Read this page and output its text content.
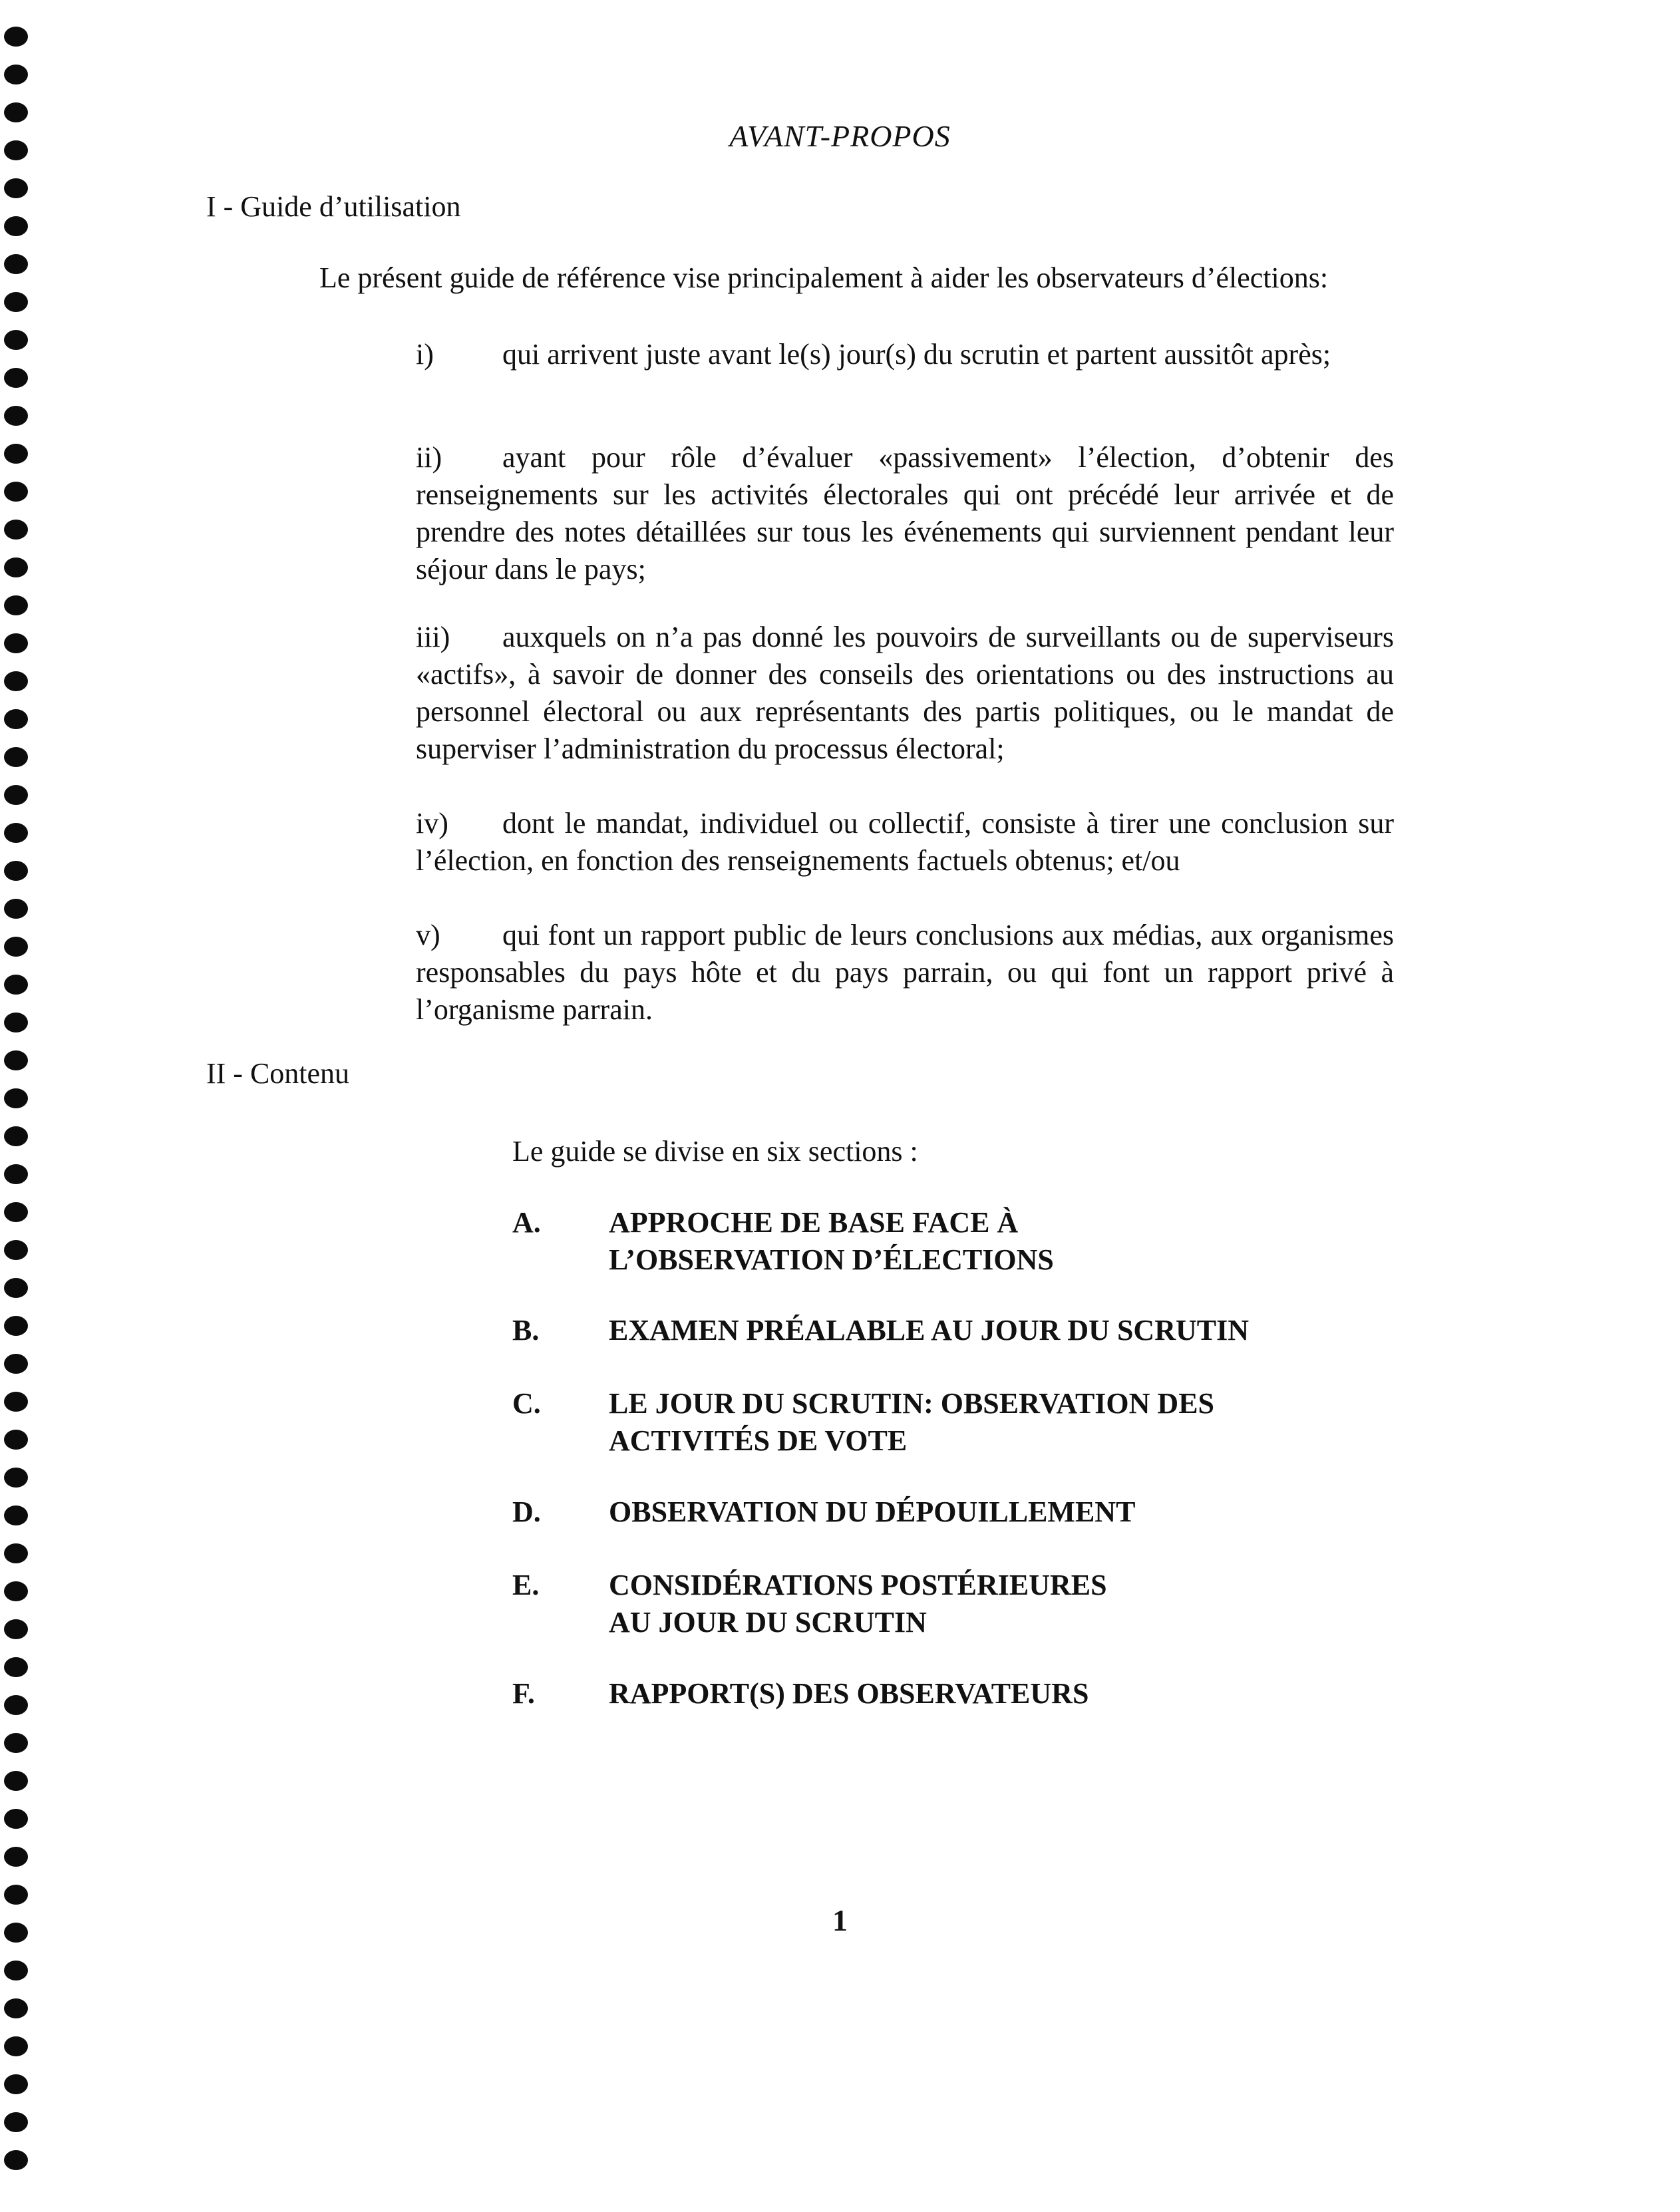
AVANT-PROPOS
I - Guide d’utilisation
Le présent guide de référence vise principalement à aider les observateurs d’élections:
i) qui arrivent juste avant le(s) jour(s) du scrutin et partent aussitôt après;
ii) ayant pour rôle d’évaluer «passivement» l’élection, d’obtenir des renseignements sur les activités électorales qui ont précédé leur arrivée et de prendre des notes détaillées sur tous les événements qui surviennent pendant leur séjour dans le pays;
iii) auxquels on n’a pas donné les pouvoirs de surveillants ou de superviseurs «actifs», à savoir de donner des conseils des orientations ou des instructions au personnel électoral ou aux représentants des partis politiques, ou le mandat de superviser l’administration du processus électoral;
iv) dont le mandat, individuel ou collectif, consiste à tirer une conclusion sur l’élection, en fonction des renseignements factuels obtenus; et/ou
v) qui font un rapport public de leurs conclusions aux médias, aux organismes responsables du pays hôte et du pays parrain, ou qui font un rapport privé à l’organisme parrain.
II - Contenu
Le guide se divise en six sections :
A. APPROCHE DE BASE FACE À L’OBSERVATION D’ÉLECTIONS
B. EXAMEN PRÉALABLE AU JOUR DU SCRUTIN
C. LE JOUR DU SCRUTIN: OBSERVATION DES ACTIVITÉS DE VOTE
D. OBSERVATION DU DÉPOUILLEMENT
E. CONSIDÉRATIONS POSTÉRIEURES AU JOUR DU SCRUTIN
F.	RAPPORT(S) DES OBSERVATEURS
1
